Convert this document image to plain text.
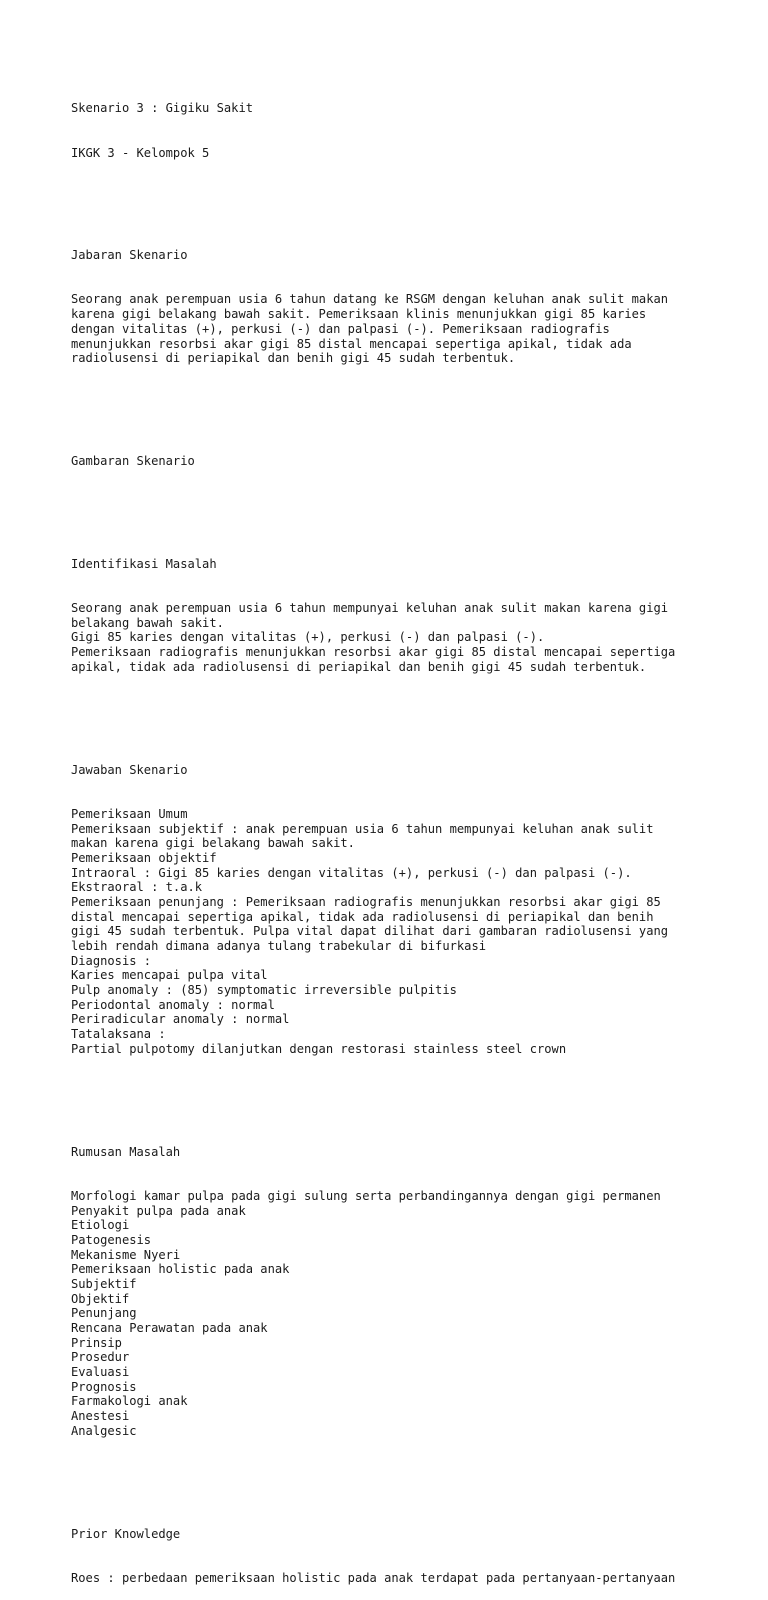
Skenario 3 : Gigiku Sakit

IKGK 3 - Kelompok 5

Jabaran Skenario

Seorang anak perempuan usia 6 tahun datang ke RSGM dengan keluhan anak sulit makan
karena gigi belakang bawah sakit. Pemeriksaan klinis menunjukkan gigi 85 karies
dengan vitalitas (+), perkusi (-) dan palpasi (-). Pemeriksaan radiografis
menunjukkan resorbsi akar gigi 85 distal mencapai sepertiga apikal, tidak ada
radiolusensi di periapikal dan benih gigi 45 sudah terbentuk.

Gambaran Skenario

Identifikasi Masalah

Seorang anak perempuan usia 6 tahun mempunyai keluhan anak sulit makan karena gigi
belakang bawah sakit.
Gigi 85 karies dengan vitalitas (+), perkusi (-) dan palpasi (-).
Pemeriksaan radiografis menunjukkan resorbsi akar gigi 85 distal mencapai sepertiga
apikal, tidak ada radiolusensi di periapikal dan benih gigi 45 sudah terbentuk.

Jawaban Skenario

Pemeriksaan Umum
Pemeriksaan subjektif : anak perempuan usia 6 tahun mempunyai keluhan anak sulit
makan karena gigi belakang bawah sakit.
Pemeriksaan objektif
Intraoral : Gigi 85 karies dengan vitalitas (+), perkusi (-) dan palpasi (-).
Ekstraoral : t.a.k
Pemeriksaan penunjang : Pemeriksaan radiografis menunjukkan resorbsi akar gigi 85
distal mencapai sepertiga apikal, tidak ada radiolusensi di periapikal dan benih
gigi 45 sudah terbentuk. Pulpa vital dapat dilihat dari gambaran radiolusensi yang
lebih rendah dimana adanya tulang trabekular di bifurkasi
Diagnosis :
Karies mencapai pulpa vital
Pulp anomaly : (85) symptomatic irreversible pulpitis
Periodontal anomaly : normal
Periradicular anomaly : normal
Tatalaksana :
Partial pulpotomy dilanjutkan dengan restorasi stainless steel crown

Rumusan Masalah

Morfologi kamar pulpa pada gigi sulung serta perbandingannya dengan gigi permanen
Penyakit pulpa pada anak
Etiologi
Patogenesis
Mekanisme Nyeri
Pemeriksaan holistic pada anak
Subjektif
Objektif
Penunjang
Rencana Perawatan pada anak
Prinsip
Prosedur
Evaluasi
Prognosis
Farmakologi anak
Anestesi
Analgesic

Prior Knowledge

Roes : perbedaan pemeriksaan holistic pada anak terdapat pada pertanyaan-pertanyaan
